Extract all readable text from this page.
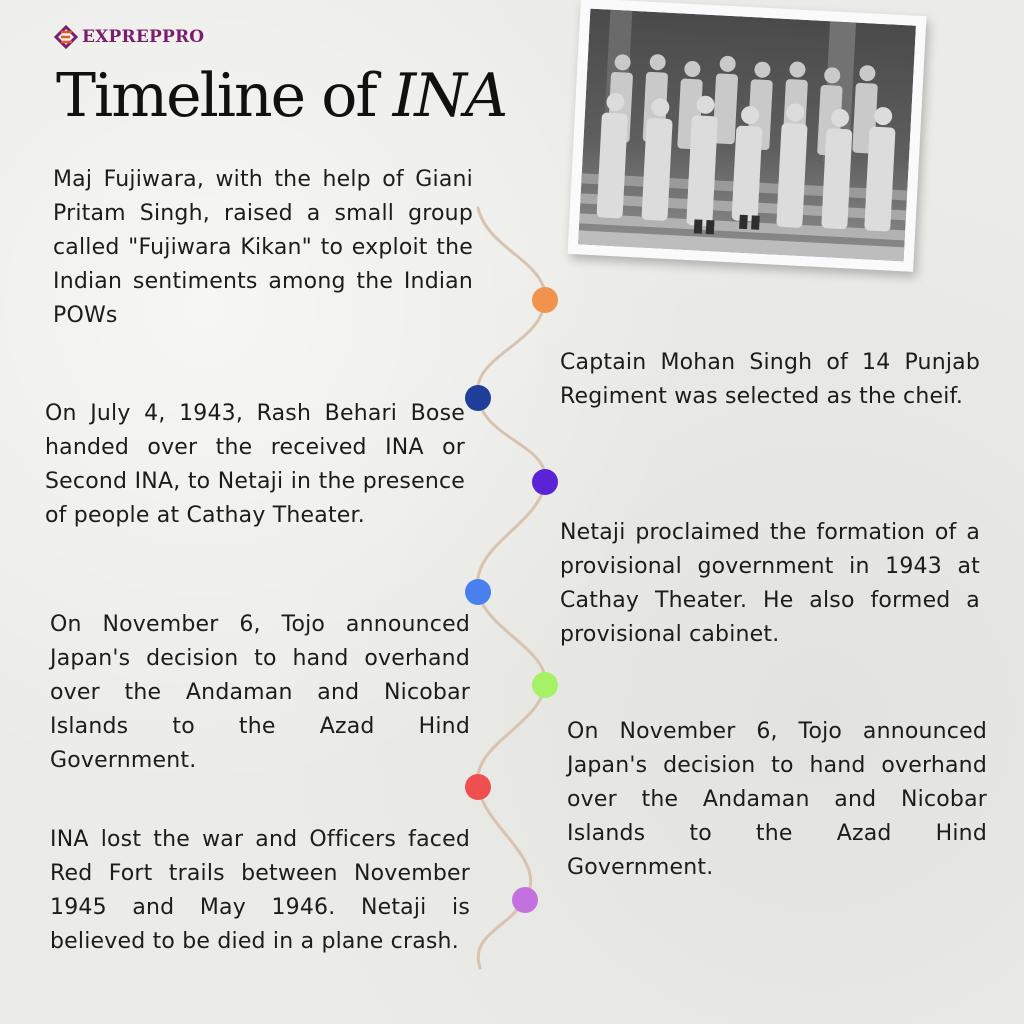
EXPREPPRO
Timeline of INA

Maj Fujiwara, with the help of Giani Pritam Singh, raised a small group called "Fujiwara Kikan" to exploit the Indian sentiments among the Indian POWs

Captain Mohan Singh of 14 Punjab Regiment was selected as the cheif.

On July 4, 1943, Rash Behari Bose handed over the received INA or Second INA, to Netaji in the presence of people at Cathay Theater.

Netaji proclaimed the formation of a provisional government in 1943 at Cathay Theater. He also formed a provisional cabinet.

On November 6, Tojo announced Japan's decision to hand overhand over the Andaman and Nicobar Islands to the Azad Hind Government.

On November 6, Tojo announced Japan's decision to hand overhand over the Andaman and Nicobar Islands to the Azad Hind Government.

INA lost the war and Officers faced Red Fort trails between November 1945 and May 1946. Netaji is believed to be died in a plane crash.
